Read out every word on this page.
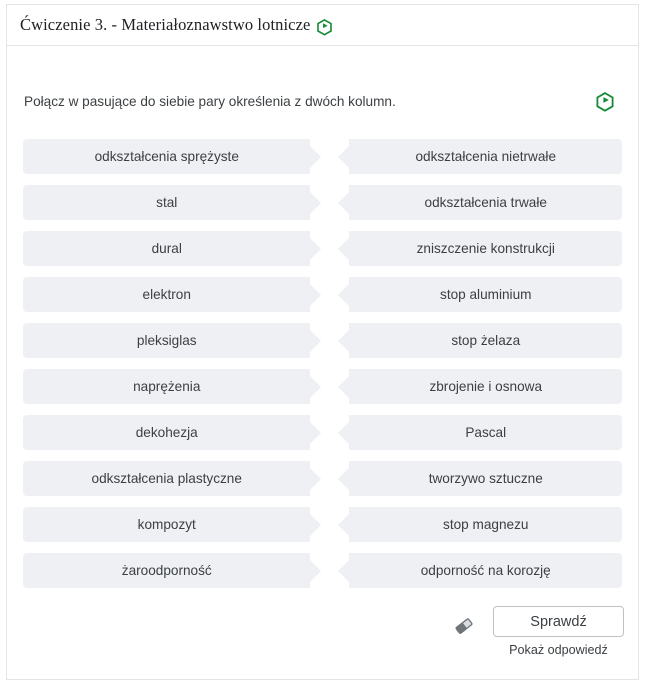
Ćwiczenie 3. - Materiałoznawstwo lotnicze
Połącz w pasujące do siebie pary określenia z dwóch kolumn.
odkształcenia sprężyste
stal
dural
elektron
pleksiglas
naprężenia
dekohezja
odkształcenia plastyczne
kompozyt
żaroodporność
odkształcenia nietrwałe
odkształcenia trwałe
zniszczenie konstrukcji
stop aluminium
stop żelaza
zbrojenie i osnowa
Pascal
tworzywo sztuczne
stop magnezu
odporność na korozję
Sprawdź
Pokaż odpowiedź
